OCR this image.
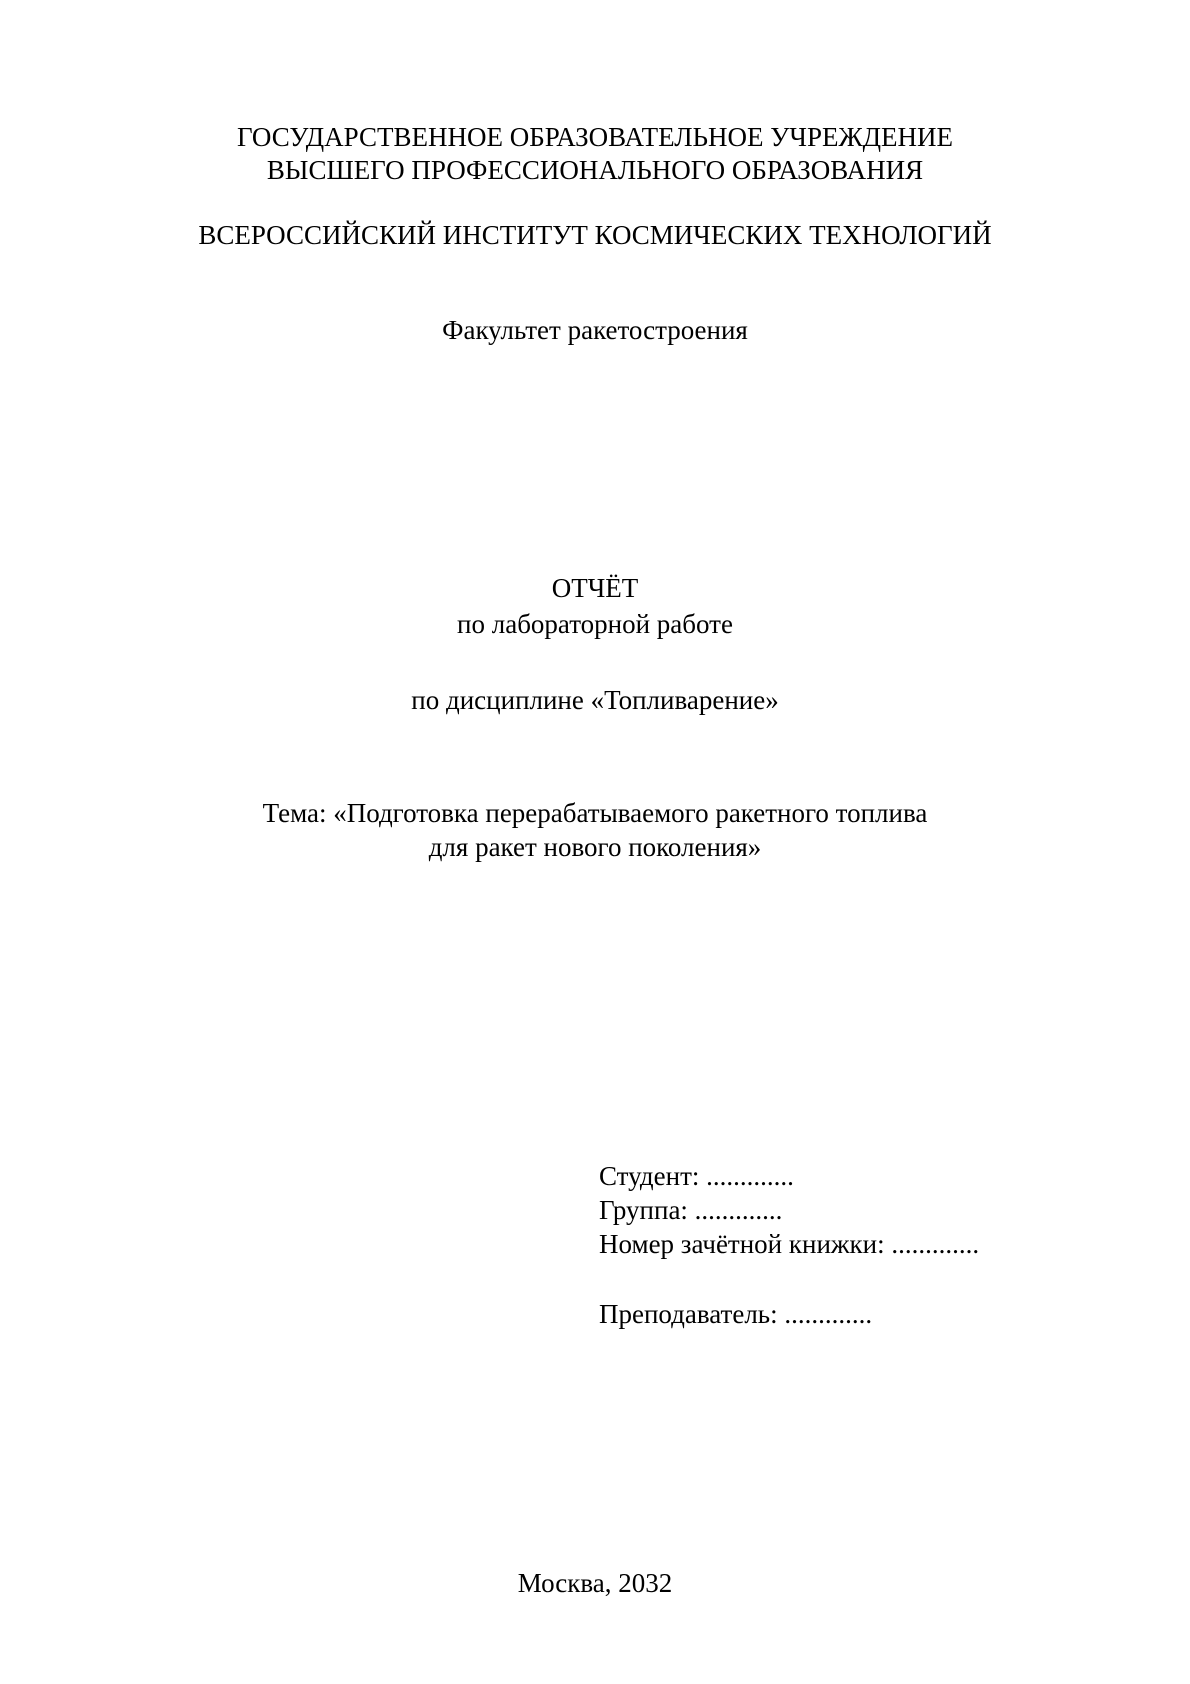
ГОСУДАРСТВЕННОЕ ОБРАЗОВАТЕЛЬНОЕ УЧРЕЖДЕНИЕ
ВЫСШЕГО ПРОФЕССИОНАЛЬНОГО ОБРАЗОВАНИЯ
ВСЕРОССИЙСКИЙ ИНСТИТУТ КОСМИЧЕСКИХ ТЕХНОЛОГИЙ
Факультет ракетостроения
ОТЧЁТ
по лабораторной работе
по дисциплине «Топливарение»
Тема: «Подготовка перерабатываемого ракетного топлива
для ракет нового поколения»
Студент: .............
Группа: .............
Номер зачётной книжки: .............
Преподаватель: .............
Москва, 2032
